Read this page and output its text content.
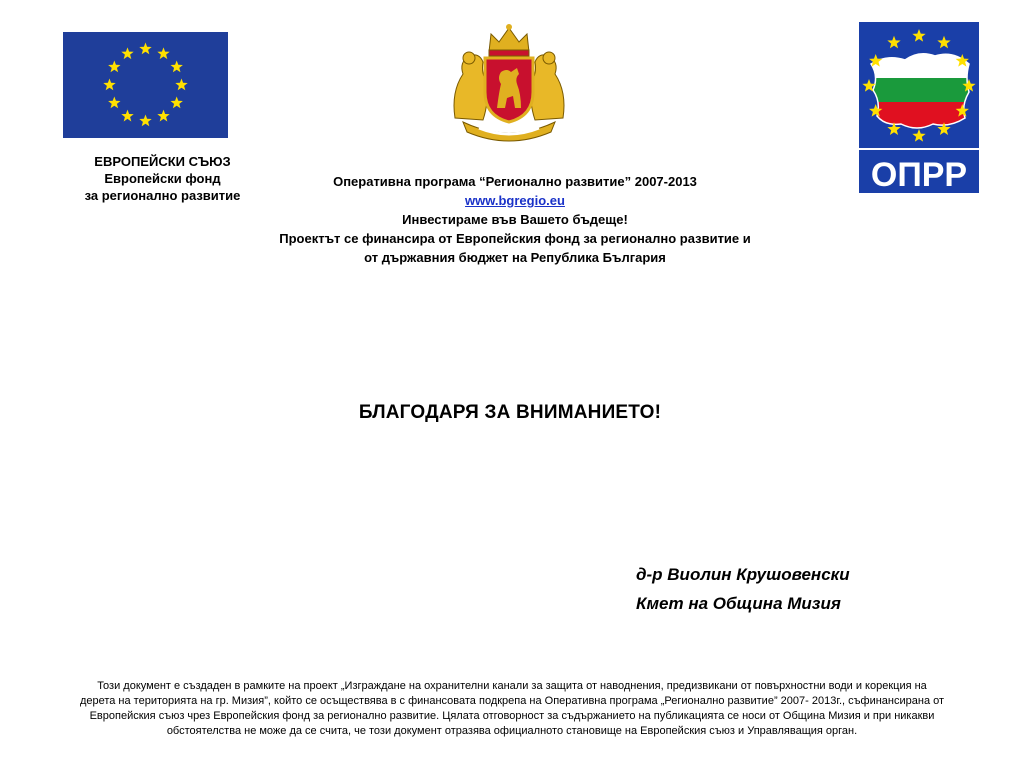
ОПРР
ЕВРОПЕЙСКИ СЪЮЗ
Европейски фонд
за регионално развитие
Оперативна програма “Регионално развитие” 2007-2013
www.bgregio.eu
Инвестираме във Вашето бъдеще!
Проектът се финансира от Европейския фонд за регионално развитие и
от държавния бюджет на Република България
БЛАГОДАРЯ ЗА ВНИМАНИЕТО!
д-р Виолин Крушовенски
Кмет на Община Мизия
Този документ е създаден в рамките на проект „Изграждане на охранителни канали за защита от наводнения, предизвикани от повърхностни води и корекция на
дерета на територията на гр. Мизия”, който се осъществява в с финансовата подкрепа на Оперативна програма „Регионално развитие” 2007- 2013г., съфинансирана от
Европейския съюз чрез Европейския фонд за регионално развитие. Цялата отговорност за съдържанието на публикацията се носи от Община Мизия и при никакви
обстоятелства не може да се счита, че този документ отразява официалното становище на Европейския съюз и Управляващия орган.
